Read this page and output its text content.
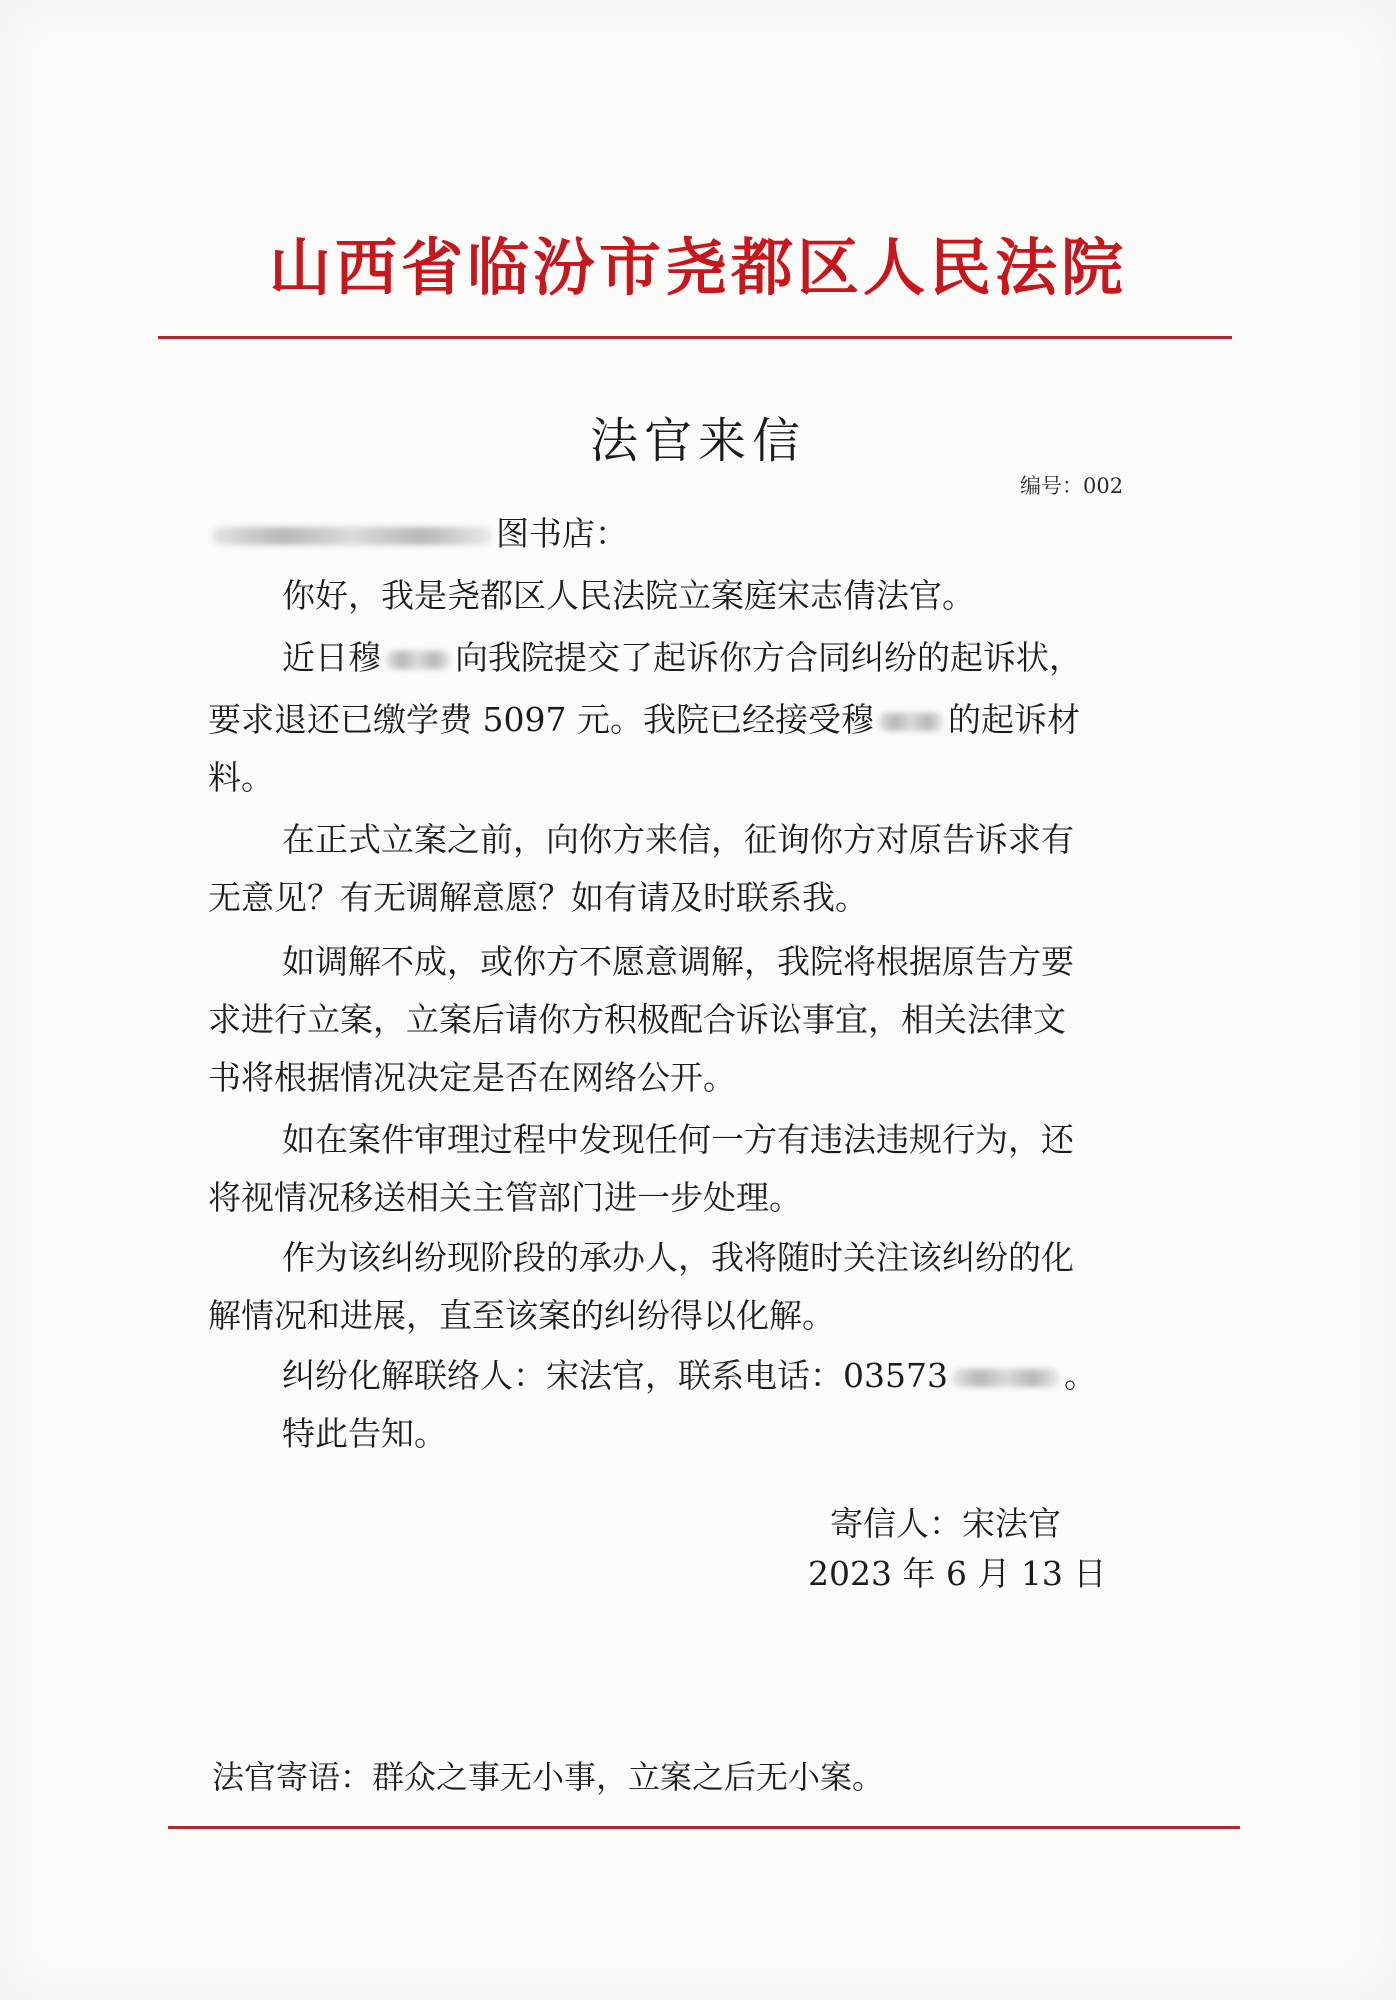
山西省临汾市尧都区人民法院
法官来信
编号：002
图书店：
你好，我是尧都区人民法院立案庭宋志倩法官。
近日穆 向我院提交了起诉你方合同纠纷的起诉状，
要求退还已缴学费 5097 元。我院已经接受穆 的起诉材
料。
在正式立案之前，向你方来信，征询你方对原告诉求有
无意见？有无调解意愿？如有请及时联系我。
如调解不成，或你方不愿意调解，我院将根据原告方要
求进行立案，立案后请你方积极配合诉讼事宜，相关法律文
书将根据情况决定是否在网络公开。
如在案件审理过程中发现任何一方有违法违规行为，还
将视情况移送相关主管部门进一步处理。
作为该纠纷现阶段的承办人，我将随时关注该纠纷的化
解情况和进展，直至该案的纠纷得以化解。
纠纷化解联络人：宋法官，联系电话：03573	。
特此告知。
寄信人：宋法官
2023 年 6 月 13 日
法官寄语：群众之事无小事，立案之后无小案。
